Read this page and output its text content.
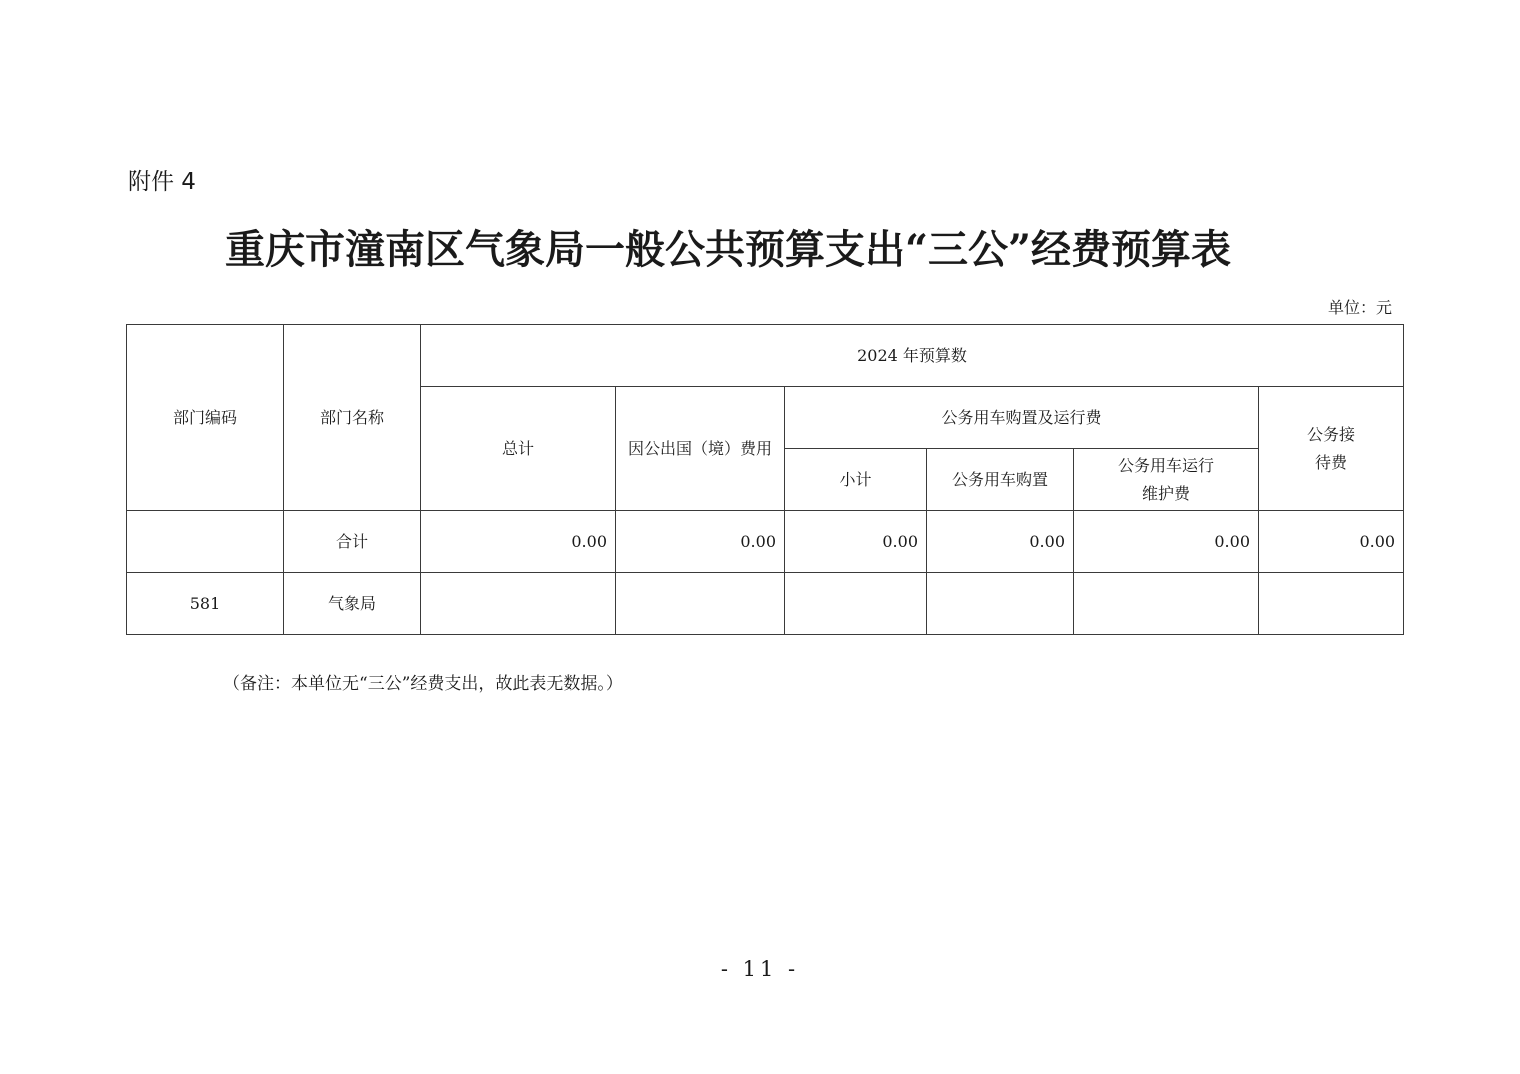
附件 4
重庆市潼南区气象局一般公共预算支出“三公”经费预算表
单位：元
部门编码	部门名称	2024 年预算数					
		总计	因公出国（境）费用	公务用车购置及运行费			公务接待费
				小计	公务用车购置	公务用车运行维护费	
	合计	0.00	0.00	0.00	0.00	0.00	0.00
581	气象局						
（备注：本单位无“三公”经费支出，故此表无数据。）
- 11 -
